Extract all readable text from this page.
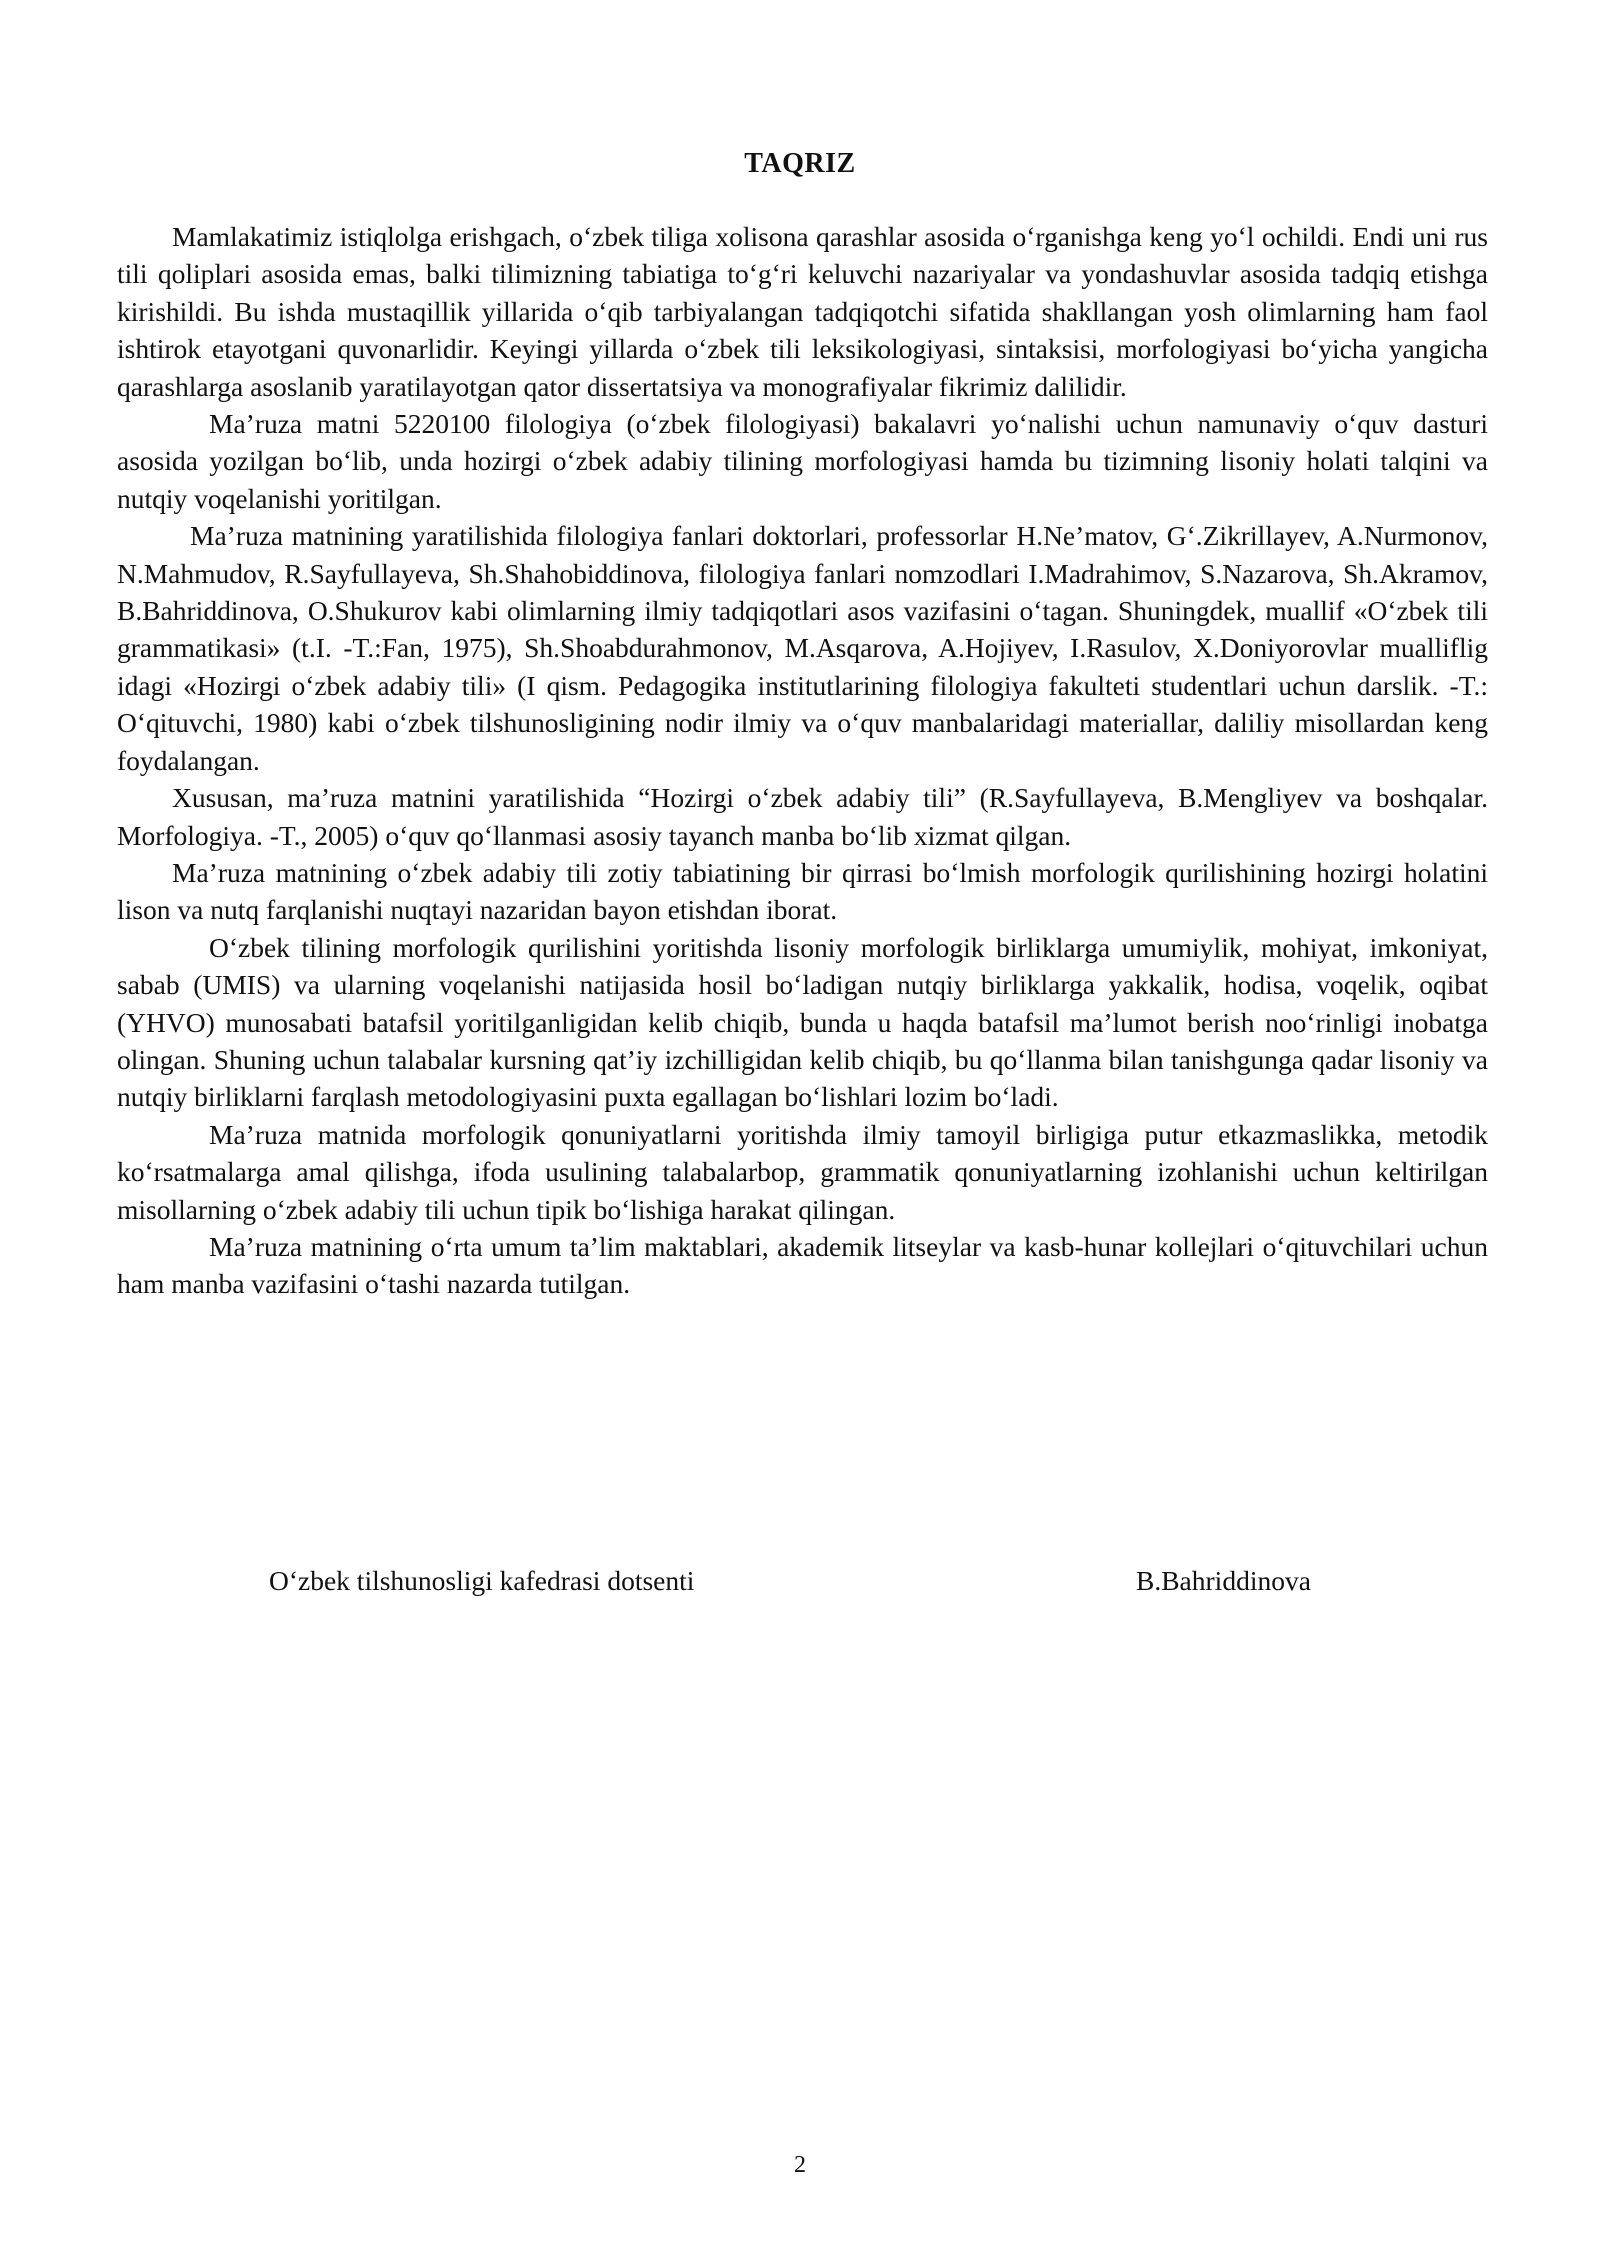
TAQRIZ

Mamlakatimiz istiqlolga erishgach, o‘zbek tiliga xolisona qarashlar asosida o‘rganishga keng yo‘l ochildi. Endi uni rus tili qoliplari asosida emas, balki tilimizning tabiatiga to‘g‘ri keluvchi nazariyalar va yondashuvlar asosida tadqiq etishga kirishildi. Bu ishda mustaqillik yillarida o‘qib tarbiyalangan tadqiqotchi sifatida shakllangan yosh olimlarning ham faol ishtirok etayotgani quvonarlidir. Keyingi yillarda o‘zbek tili leksikologiyasi, sintaksisi, morfologiyasi bo‘yicha yangicha qarashlarga asoslanib yaratilayotgan qator dissertatsiya va monografiyalar fikrimiz dalilidir.

Ma’ruza matni 5220100 filologiya (o‘zbek filologiyasi) bakalavri yo‘nalishi uchun namunaviy o‘quv dasturi asosida yozilgan bo‘lib, unda hozirgi o‘zbek adabiy tilining morfologiyasi hamda bu tizimning lisoniy holati talqini va nutqiy voqelanishi yoritilgan.

Ma’ruza matnining yaratilishida filologiya fanlari doktorlari, professorlar H.Ne’matov, G‘.Zikrillayev, A.Nurmonov, N.Mahmudov, R.Sayfullayeva, Sh.Shahobiddinova, filologiya fanlari nomzodlari I.Madrahimov, S.Nazarova, Sh.Akramov, B.Bahriddinova, O.Shukurov kabi olimlarning ilmiy tadqiqotlari asos vazifasini o‘tagan. Shuningdek, muallif «O‘zbek tili grammatikasi» (t.I. -T.:Fan, 1975), Sh.Shoabdurahmonov, M.Asqarova, A.Hojiyev, I.Rasulov, X.Doniyorovlar mualliflig idagi «Hozirgi o‘zbek adabiy tili» (I qism. Pedagogika institutlarining filologiya fakulteti studentlari uchun darslik. -T.: O‘qituvchi, 1980) kabi o‘zbek tilshunosligining nodir ilmiy va o‘quv manbalaridagi materiallar, daliliy misollardan keng foydalangan.

Xususan, ma’ruza matnini yaratilishida “Hozirgi o‘zbek adabiy tili” (R.Sayfullayeva, B.Mengliyev va boshqalar. Morfologiya. -T., 2005) o‘quv qo‘llanmasi asosiy tayanch manba bo‘lib xizmat qilgan.

Ma’ruza matnining o‘zbek adabiy tili zotiy tabiatining bir qirrasi bo‘lmish morfologik qurilishining hozirgi holatini lison va nutq farqlanishi nuqtayi nazaridan bayon etishdan iborat.

O‘zbek tilining morfologik qurilishini yoritishda lisoniy morfologik birliklarga umumiylik, mohiyat, imkoniyat, sabab (UMIS) va ularning voqelanishi natijasida hosil bo‘ladigan nutqiy birliklarga yakkalik, hodisa, voqelik, oqibat (YHVO) munosabati batafsil yoritilganligidan kelib chiqib, bunda u haqda batafsil ma’lumot berish noo‘rinligi inobatga olingan. Shuning uchun talabalar kursning qat’iy izchilligidan kelib chiqib, bu qo‘llanma bilan tanishgunga qadar lisoniy va nutqiy birliklarni farqlash metodologiyasini puxta egallagan bo‘lishlari lozim bo‘ladi.

Ma’ruza matnida morfologik qonuniyatlarni yoritishda ilmiy tamoyil birligiga putur etkazmaslikka, metodik ko‘rsatmalarga amal qilishga, ifoda usulining talabalarbop, grammatik qonuniyatlarning izohlanishi uchun keltirilgan misollarning o‘zbek adabiy tili uchun tipik bo‘lishiga harakat qilingan.

Ma’ruza matnining o‘rta umum ta’lim maktablari, akademik litseylar va kasb-hunar kollejlari o‘qituvchilari uchun ham manba vazifasini o‘tashi nazarda tutilgan.

O‘zbek tilshunosligi kafedrasi dotsenti	B.Bahriddinova
2
